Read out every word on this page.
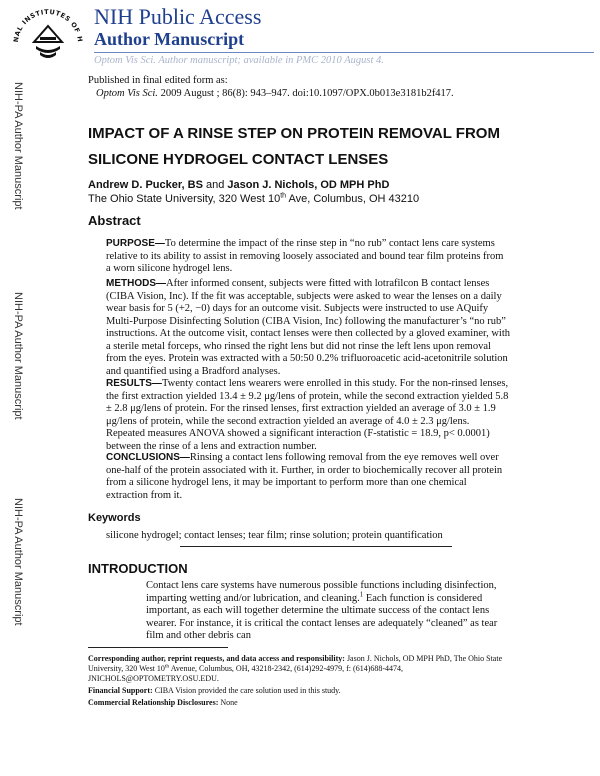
NAL INSTITUTES OF H
NIH Public Access
Author Manuscript
Optom Vis Sci. Author manuscript; available in PMC 2010 August 4.
NIH-PA Author Manuscript
NIH-PA Author Manuscript
NIH-PA Author Manuscript
Published in final edited form as:
Optom Vis Sci. 2009 August ; 86(8): 943–947. doi:10.1097/OPX.0b013e3181b2f417.
IMPACT OF A RINSE STEP ON PROTEIN REMOVAL FROM SILICONE HYDROGEL CONTACT LENSES
Andrew D. Pucker, BS and Jason J. Nichols, OD MPH PhD
The Ohio State University, 320 West 10th Ave, Columbus, OH 43210
Abstract
PURPOSE—To determine the impact of the rinse step in “no rub” contact lens care systems relative to its ability to assist in removing loosely associated and bound tear film proteins from a worn silicone hydrogel lens.
METHODS—After informed consent, subjects were fitted with lotrafilcon B contact lenses (CIBA Vision, Inc). If the fit was acceptable, subjects were asked to wear the lenses on a daily wear basis for 5 (+2, −0) days for an outcome visit. Subjects were instructed to use AQuify Multi-Purpose Disinfecting Solution (CIBA Vision, Inc) following the manufacturer’s “no rub” instructions. At the outcome visit, contact lenses were then collected by a gloved examiner, with a sterile metal forceps, who rinsed the right lens but did not rinse the left lens upon removal from the eyes. Protein was extracted with a 50:50 0.2% trifluoroacetic acid-acetonitrile solution and quantified using a Bradford analyses.
RESULTS—Twenty contact lens wearers were enrolled in this study. For the non-rinsed lenses, the first extraction yielded 13.4 ± 9.2 μg/lens of protein, while the second extraction yielded 5.8 ± 2.8 μg/lens of protein. For the rinsed lenses, first extraction yielded an average of 3.0 ± 1.9 μg/lens of protein, while the second extraction yielded an average of 4.0 ± 2.3 μg/lens. Repeated measures ANOVA showed a significant interaction (F-statistic = 18.9, p< 0.0001) between the rinse of a lens and extraction number.
CONCLUSIONS—Rinsing a contact lens following removal from the eye removes well over one-half of the protein associated with it. Further, in order to biochemically recover all protein from a silicone hydrogel lens, it may be important to perform more than one chemical extraction from it.
Keywords
silicone hydrogel; contact lenses; tear film; rinse solution; protein quantification
INTRODUCTION
Contact lens care systems have numerous possible functions including disinfection, imparting wetting and/or lubrication, and cleaning.$^1$ Each function is considered important, as each will together determine the ultimate success of the contact lens wearer. For instance, it is critical the contact lenses are adequately “cleaned” as tear film and other debris can
Corresponding author, reprint requests, and data access and responsibility: Jason J. Nichols, OD MPH PhD, The Ohio State University, 320 West 10th Avenue, Columbus, OH, 43218-2342, (614)292-4979, f: (614)688-4474, JNICHOLS@OPTOMETRY.OSU.EDU.
Financial Support: CIBA Vision provided the care solution used in this study.
Commercial Relationship Disclosures: None
